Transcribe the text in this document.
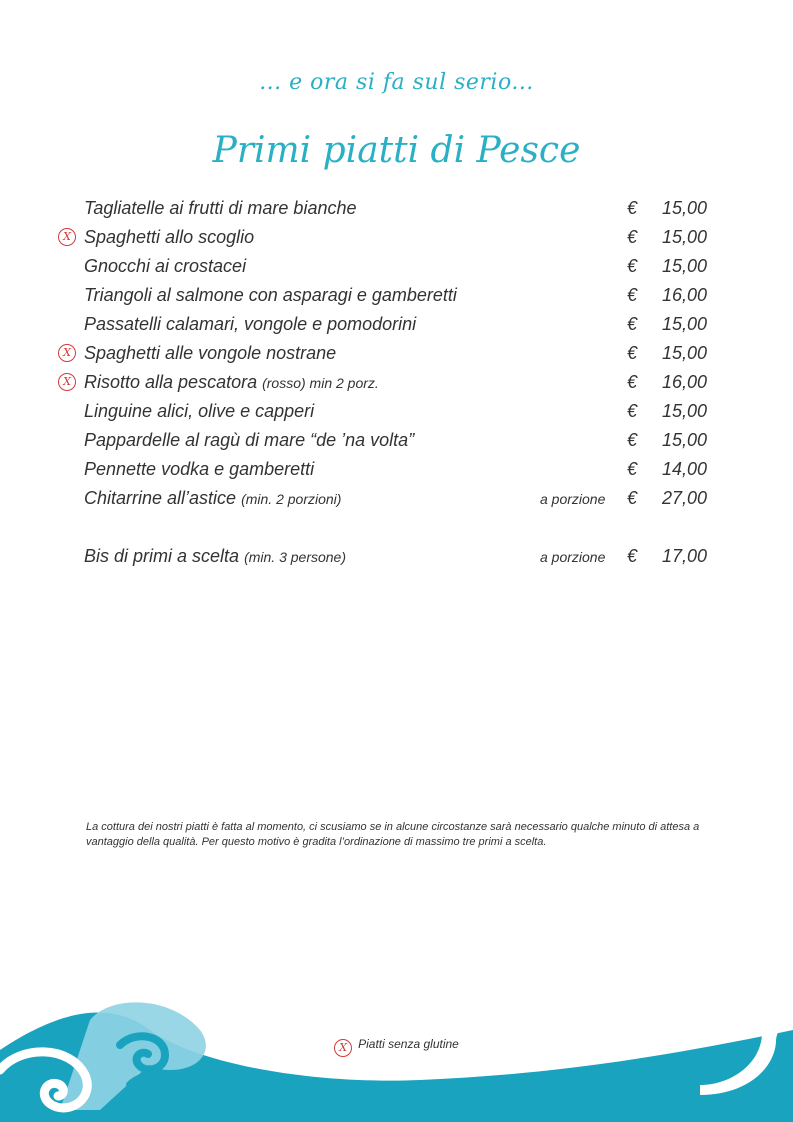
... e ora si fa sul serio...
Primi piatti di Pesce
Tagliatelle ai frutti di mare bianche	€	15,00
X Spaghetti allo scoglio	€	15,00
Gnocchi ai crostacei	€	15,00
Triangoli al salmone con asparagi e gamberetti	€	16,00
Passatelli calamari, vongole e pomodorini	€	15,00
X Spaghetti alle vongole nostrane	€	15,00
X Risotto alla pescatora (rosso) min 2 porz.	€	16,00
Linguine alici, olive e capperi	€	15,00
Pappardelle al ragù di mare “de ’na volta”	€	15,00
Pennette vodka e gamberetti	€	14,00
Chitarrine all’astice (min. 2 porzioni)	a porzione €	27,00
Bis di primi a scelta (min. 3 persone)	a porzione €	17,00
La cottura dei nostri piatti è fatta al momento, ci scusiamo se in alcune circostanze sarà necessario qualche minuto di attesa a vantaggio della qualità. Per questo motivo è gradita l’ordinazione di massimo tre primi a scelta.
X Piatti senza glutine
